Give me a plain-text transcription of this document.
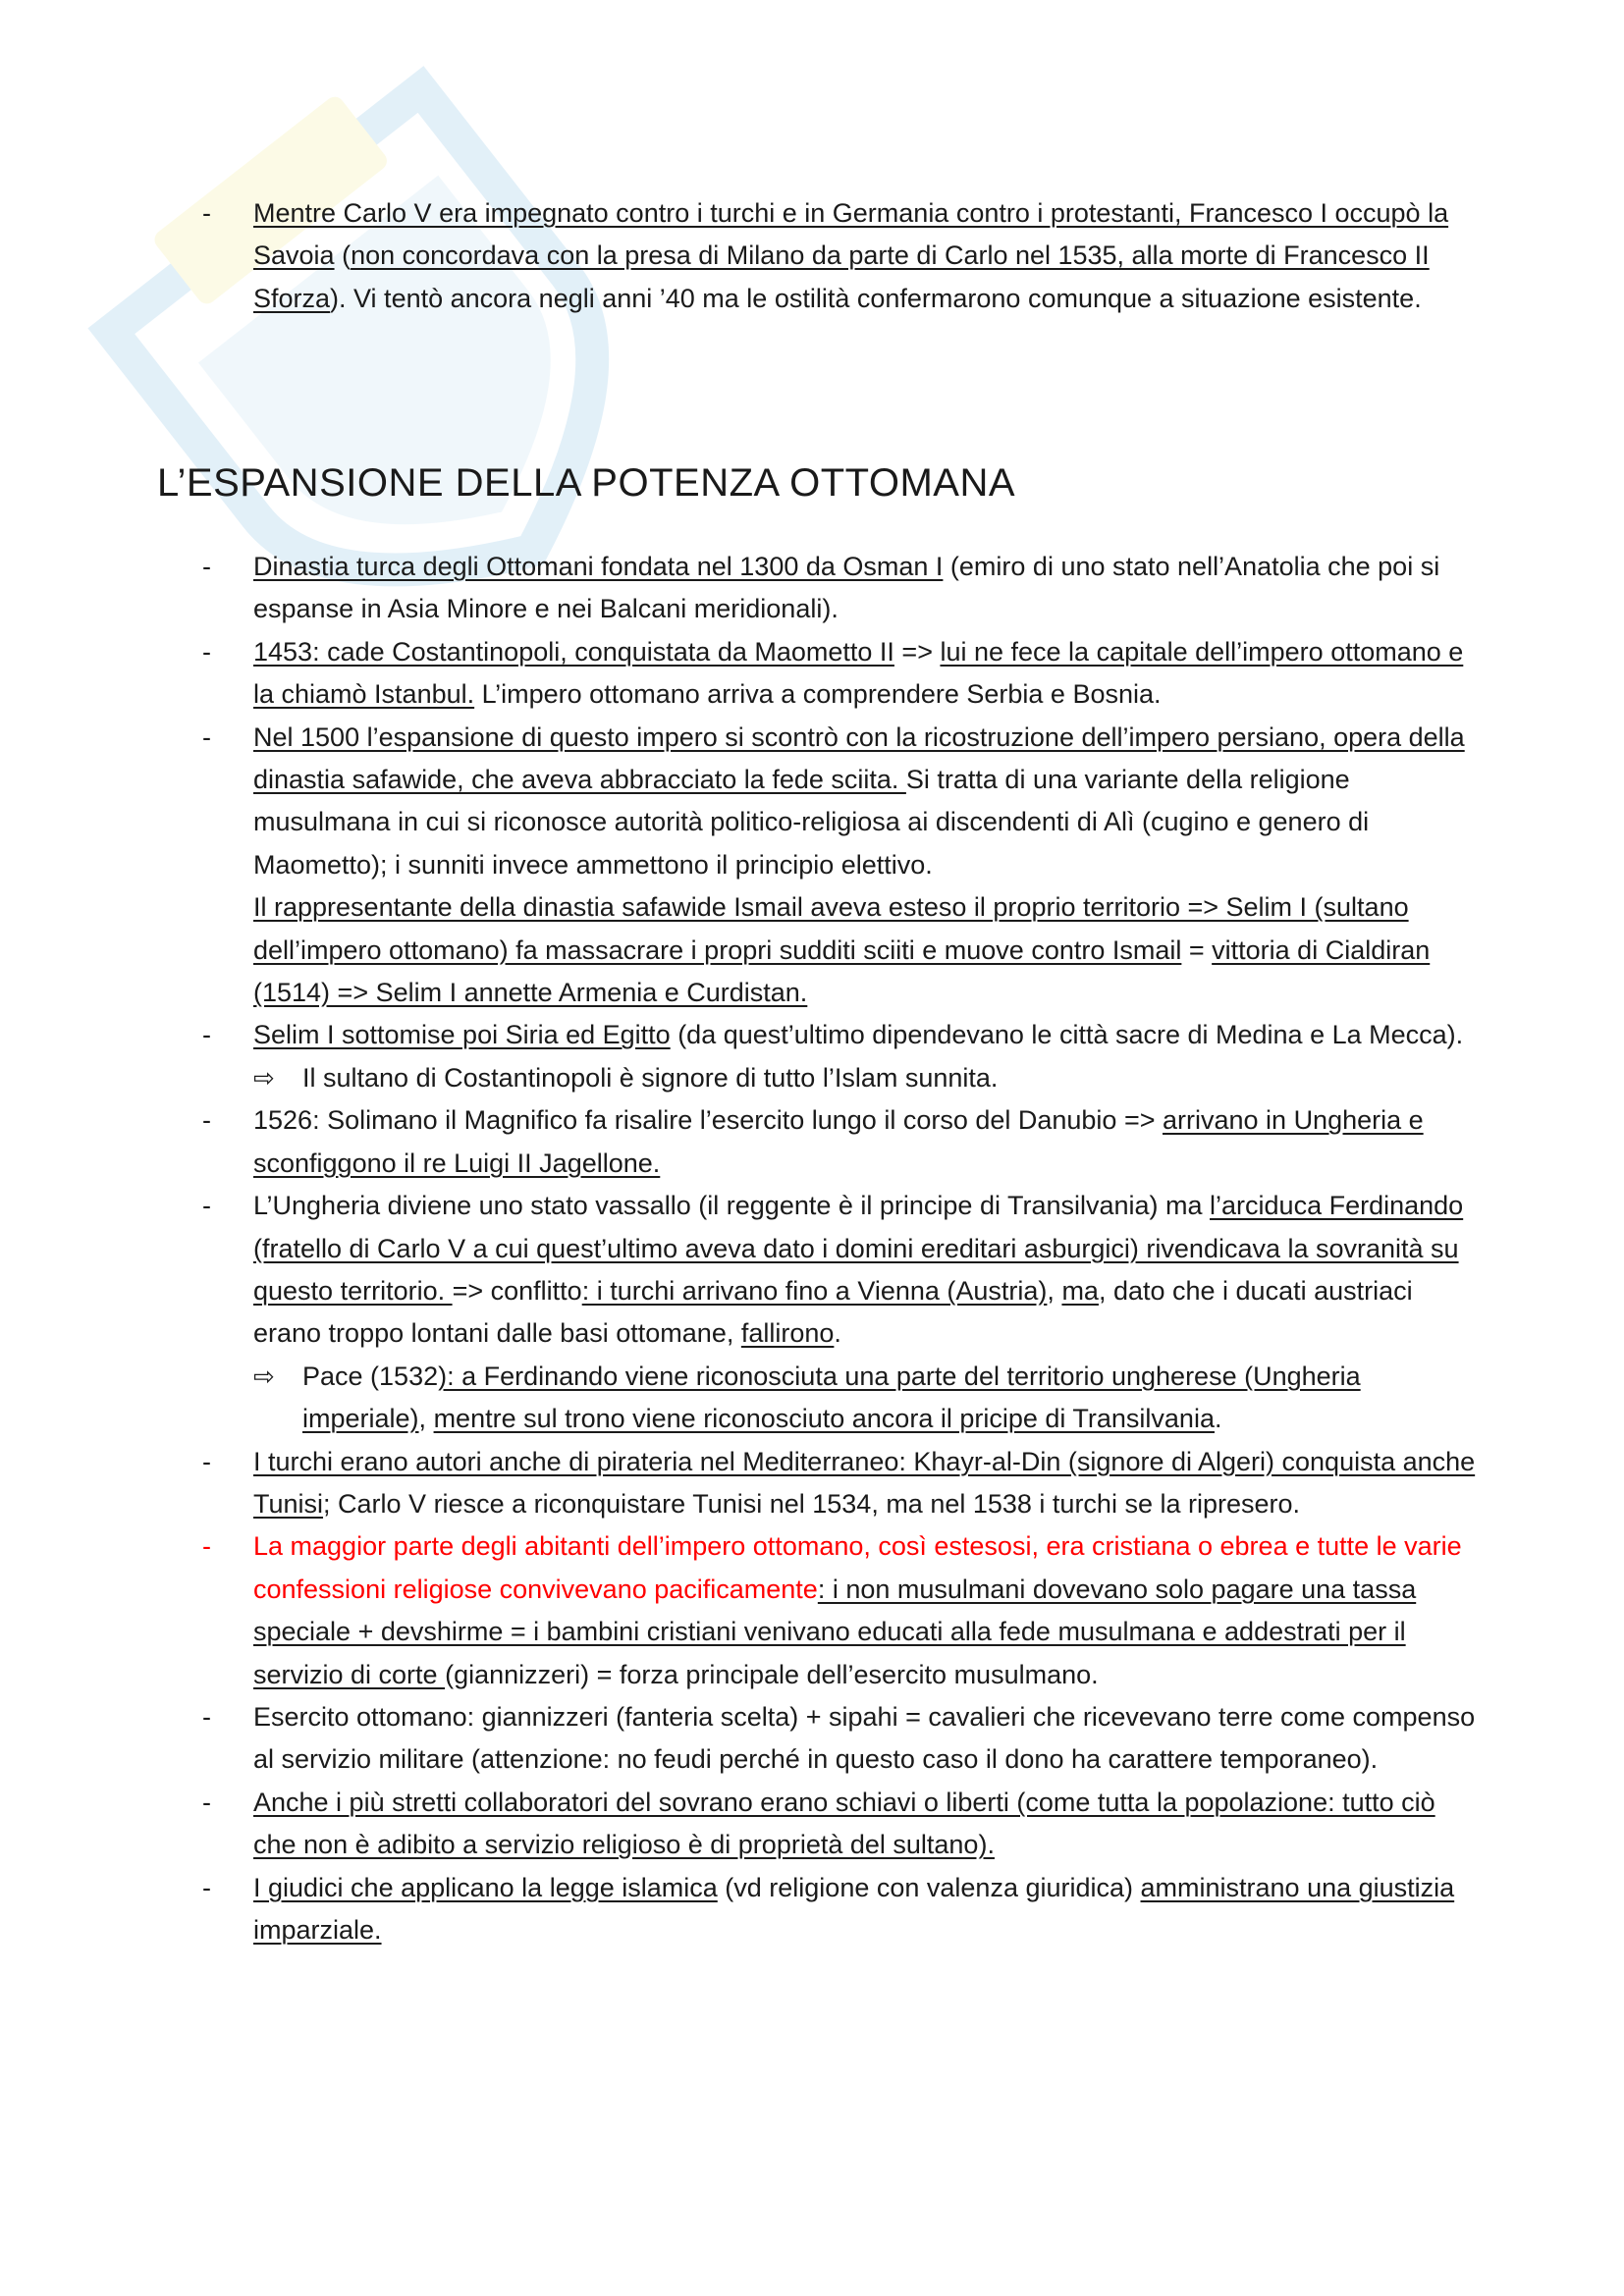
- Mentre Carlo V era impegnato contro i turchi e in Germania contro i protestanti, Francesco I occupò la Savoia (non concordava con la presa di Milano da parte di Carlo nel 1535, alla morte di Francesco II Sforza). Vi tentò ancora negli anni ’40 ma le ostilità confermarono comunque a situazione esistente.
L’ESPANSIONE DELLA POTENZA OTTOMANA
- Dinastia turca degli Ottomani fondata nel 1300 da Osman I (emiro di uno stato nell’Anatolia che poi si espanse in Asia Minore e nei Balcani meridionali).
- 1453: cade Costantinopoli, conquistata da Maometto II => lui ne fece la capitale dell’impero ottomano e la chiamò Istanbul. L’impero ottomano arriva a comprendere Serbia e Bosnia.
- Nel 1500 l’espansione di questo impero si scontrò con la ricostruzione dell’impero persiano, opera della dinastia safawide, che aveva abbracciato la fede sciita. Si tratta di una variante della religione musulmana in cui si riconosce autorità politico-religiosa ai discendenti di Alì (cugino e genero di Maometto); i sunniti invece ammettono il principio elettivo.
Il rappresentante della dinastia safawide Ismail aveva esteso il proprio territorio => Selim I (sultano dell’impero ottomano) fa massacrare i propri sudditi sciiti e muove contro Ismail = vittoria di Cialdiran (1514) => Selim I annette Armenia e Curdistan.
- Selim I sottomise poi Siria ed Egitto (da quest’ultimo dipendevano le città sacre di Medina e La Mecca).
⇨ Il sultano di Costantinopoli è signore di tutto l’Islam sunnita.
- 1526: Solimano il Magnifico fa risalire l’esercito lungo il corso del Danubio => arrivano in Ungheria e sconfiggono il re Luigi II Jagellone.
- L’Ungheria diviene uno stato vassallo (il reggente è il principe di Transilvania) ma l’arciduca Ferdinando (fratello di Carlo V a cui quest’ultimo aveva dato i domini ereditari asburgici) rivendicava la sovranità su questo territorio. => conflitto: i turchi arrivano fino a Vienna (Austria), ma, dato che i ducati austriaci erano troppo lontani dalle basi ottomane, fallirono.
⇨ Pace (1532): a Ferdinando viene riconosciuta una parte del territorio ungherese (Ungheria imperiale), mentre sul trono viene riconosciuto ancora il pricipe di Transilvania.
- I turchi erano autori anche di pirateria nel Mediterraneo: Khayr-al-Din (signore di Algeri) conquista anche Tunisi; Carlo V riesce a riconquistare Tunisi nel 1534, ma nel 1538 i turchi se la ripresero.
- La maggior parte degli abitanti dell’impero ottomano, così estesosi, era cristiana o ebrea e tutte le varie confessioni religiose convivevano pacificamente: i non musulmani dovevano solo pagare una tassa speciale + devshirme = i bambini cristiani venivano educati alla fede musulmana e addestrati per il servizio di corte (giannizzeri) = forza principale dell’esercito musulmano.
- Esercito ottomano: giannizzeri (fanteria scelta) + sipahi = cavalieri che ricevevano terre come compenso al servizio militare (attenzione: no feudi perché in questo caso il dono ha carattere temporaneo).
- Anche i più stretti collaboratori del sovrano erano schiavi o liberti (come tutta la popolazione: tutto ciò che non è adibito a servizio religioso è di proprietà del sultano).
- I giudici che applicano la legge islamica (vd religione con valenza giuridica) amministrano una giustizia imparziale.
